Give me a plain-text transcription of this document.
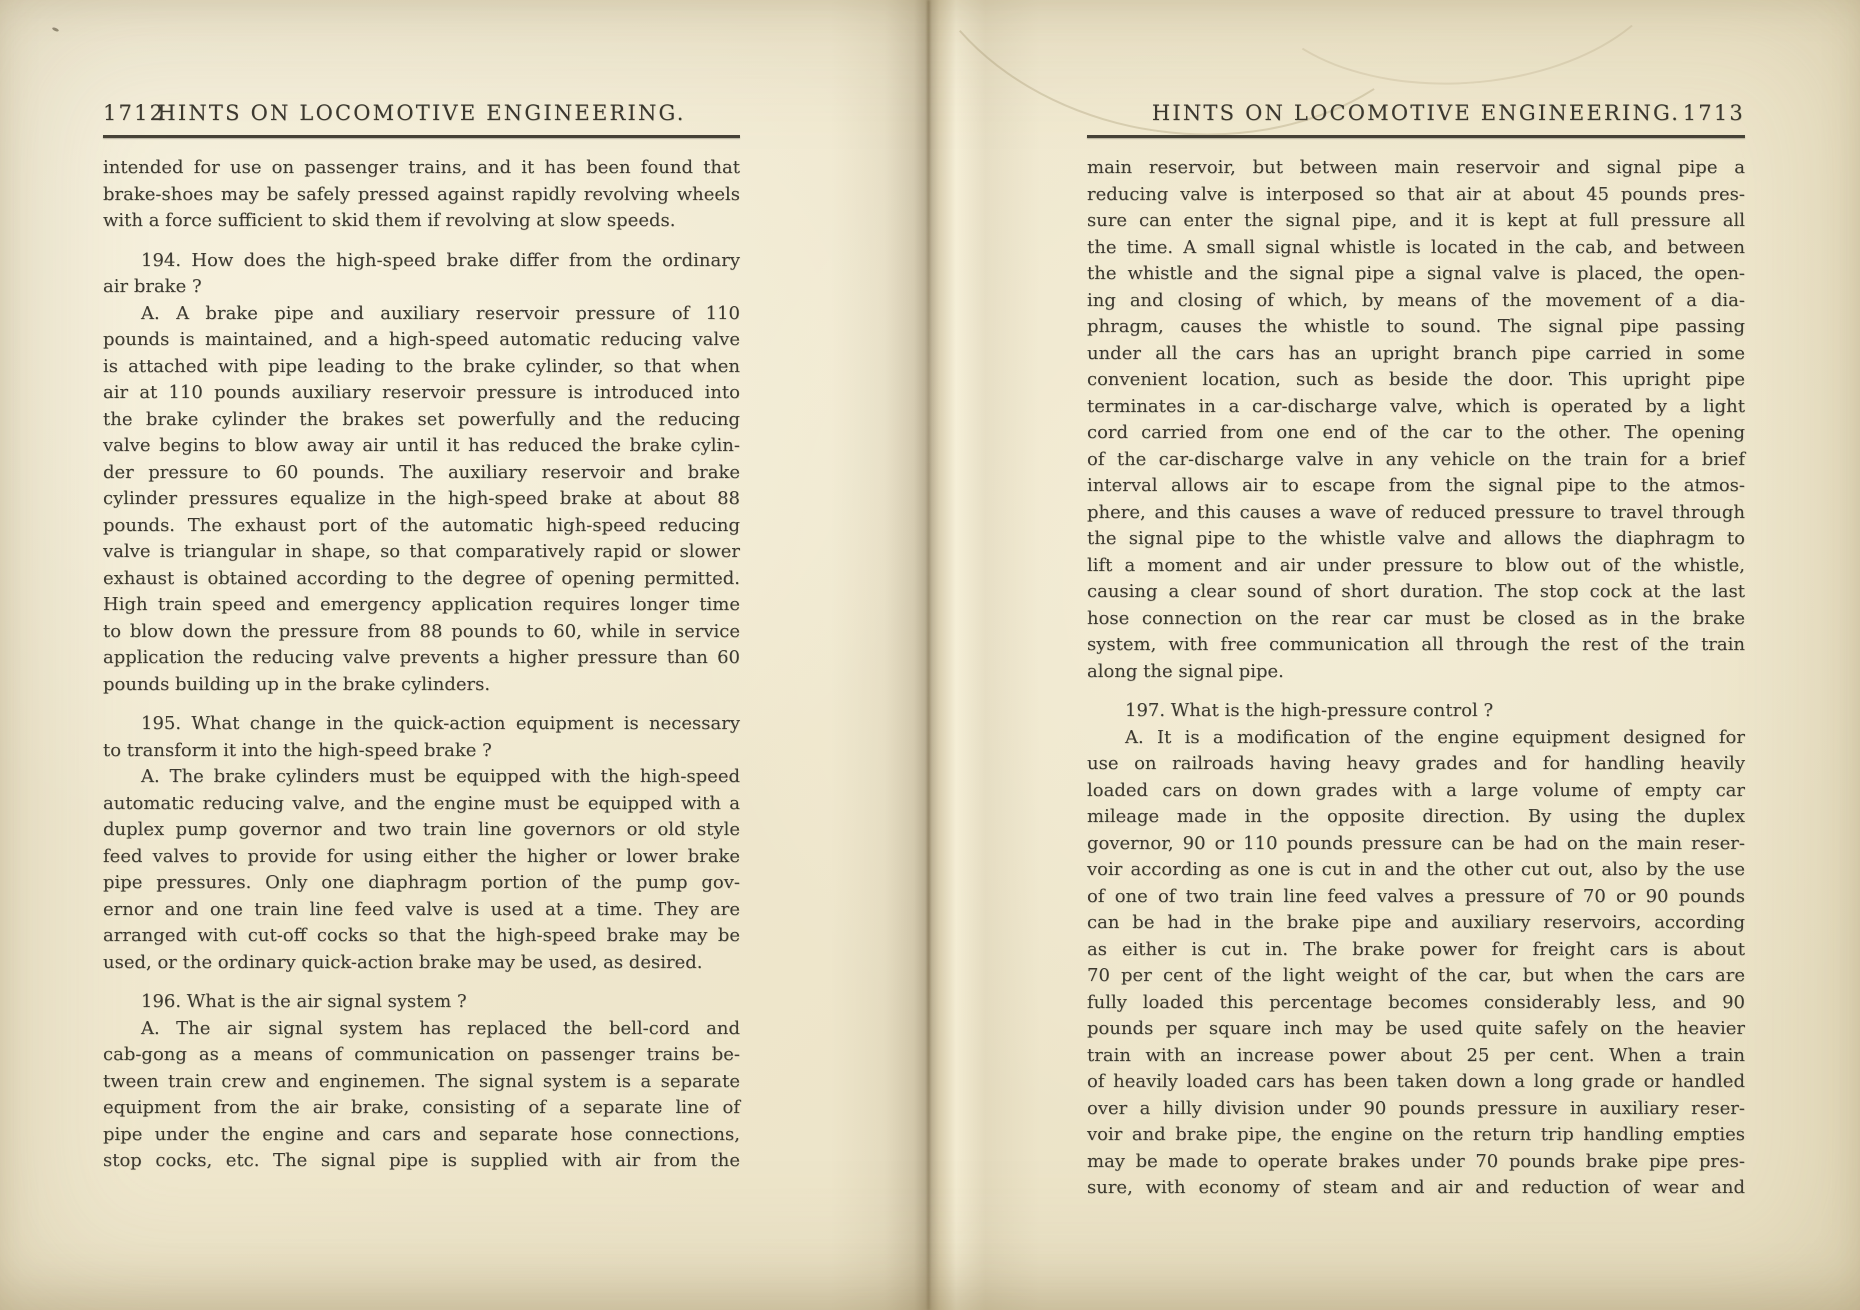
1712
HINTS ON LOCOMOTIVE ENGINEERING.
intended for use on passenger trains, and it has been found that
brake-shoes may be safely pressed against rapidly revolving wheels
with a force sufficient to skid them if revolving at slow speeds.
194. How does the high-speed brake differ from the ordinary
air brake ?
A. A brake pipe and auxiliary reservoir pressure of 110
pounds is maintained, and a high-speed automatic reducing valve
is attached with pipe leading to the brake cylinder, so that when
air at 110 pounds auxiliary reservoir pressure is introduced into
the brake cylinder the brakes set powerfully and the reducing
valve begins to blow away air until it has reduced the brake cylin-
der pressure to 60 pounds. The auxiliary reservoir and brake
cylinder pressures equalize in the high-speed brake at about 88
pounds. The exhaust port of the automatic high-speed reducing
valve is triangular in shape, so that comparatively rapid or slower
exhaust is obtained according to the degree of opening permitted.
High train speed and emergency application requires longer time
to blow down the pressure from 88 pounds to 60, while in service
application the reducing valve prevents a higher pressure than 60
pounds building up in the brake cylinders.
195. What change in the quick-action equipment is necessary
to transform it into the high-speed brake ?
A. The brake cylinders must be equipped with the high-speed
automatic reducing valve, and the engine must be equipped with a
duplex pump governor and two train line governors or old style
feed valves to provide for using either the higher or lower brake
pipe pressures. Only one diaphragm portion of the pump gov-
ernor and one train line feed valve is used at a time. They are
arranged with cut-off cocks so that the high-speed brake may be
used, or the ordinary quick-action brake may be used, as desired.
196. What is the air signal system ?
A. The air signal system has replaced the bell-cord and
cab-gong as a means of communication on passenger trains be-
tween train crew and enginemen. The signal system is a separate
equipment from the air brake, consisting of a separate line of
pipe under the engine and cars and separate hose connections,
stop cocks, etc. The signal pipe is supplied with air from the
HINTS ON LOCOMOTIVE ENGINEERING. 1713
main reservoir, but between main reservoir and signal pipe a
reducing valve is interposed so that air at about 45 pounds pres-
sure can enter the signal pipe, and it is kept at full pressure all
the time. A small signal whistle is located in the cab, and between
the whistle and the signal pipe a signal valve is placed, the open-
ing and closing of which, by means of the movement of a dia-
phragm, causes the whistle to sound. The signal pipe passing
under all the cars has an upright branch pipe carried in some
convenient location, such as beside the door. This upright pipe
terminates in a car-discharge valve, which is operated by a light
cord carried from one end of the car to the other. The opening
of the car-discharge valve in any vehicle on the train for a brief
interval allows air to escape from the signal pipe to the atmos-
phere, and this causes a wave of reduced pressure to travel through
the signal pipe to the whistle valve and allows the diaphragm to
lift a moment and air under pressure to blow out of the whistle,
causing a clear sound of short duration. The stop cock at the last
hose connection on the rear car must be closed as in the brake
system, with free communication all through the rest of the train
along the signal pipe.
197. What is the high-pressure control ?
A. It is a modification of the engine equipment designed for
use on railroads having heavy grades and for handling heavily
loaded cars on down grades with a large volume of empty car
mileage made in the opposite direction. By using the duplex
governor, 90 or 110 pounds pressure can be had on the main reser-
voir according as one is cut in and the other cut out, also by the use
of one of two train line feed valves a pressure of 70 or 90 pounds
can be had in the brake pipe and auxiliary reservoirs, according
as either is cut in. The brake power for freight cars is about
70 per cent of the light weight of the car, but when the cars are
fully loaded this percentage becomes considerably less, and 90
pounds per square inch may be used quite safely on the heavier
train with an increase power about 25 per cent. When a train
of heavily loaded cars has been taken down a long grade or handled
over a hilly division under 90 pounds pressure in auxiliary reser-
voir and brake pipe, the engine on the return trip handling empties
may be made to operate brakes under 70 pounds brake pipe pres-
sure, with economy of steam and air and reduction of wear and
